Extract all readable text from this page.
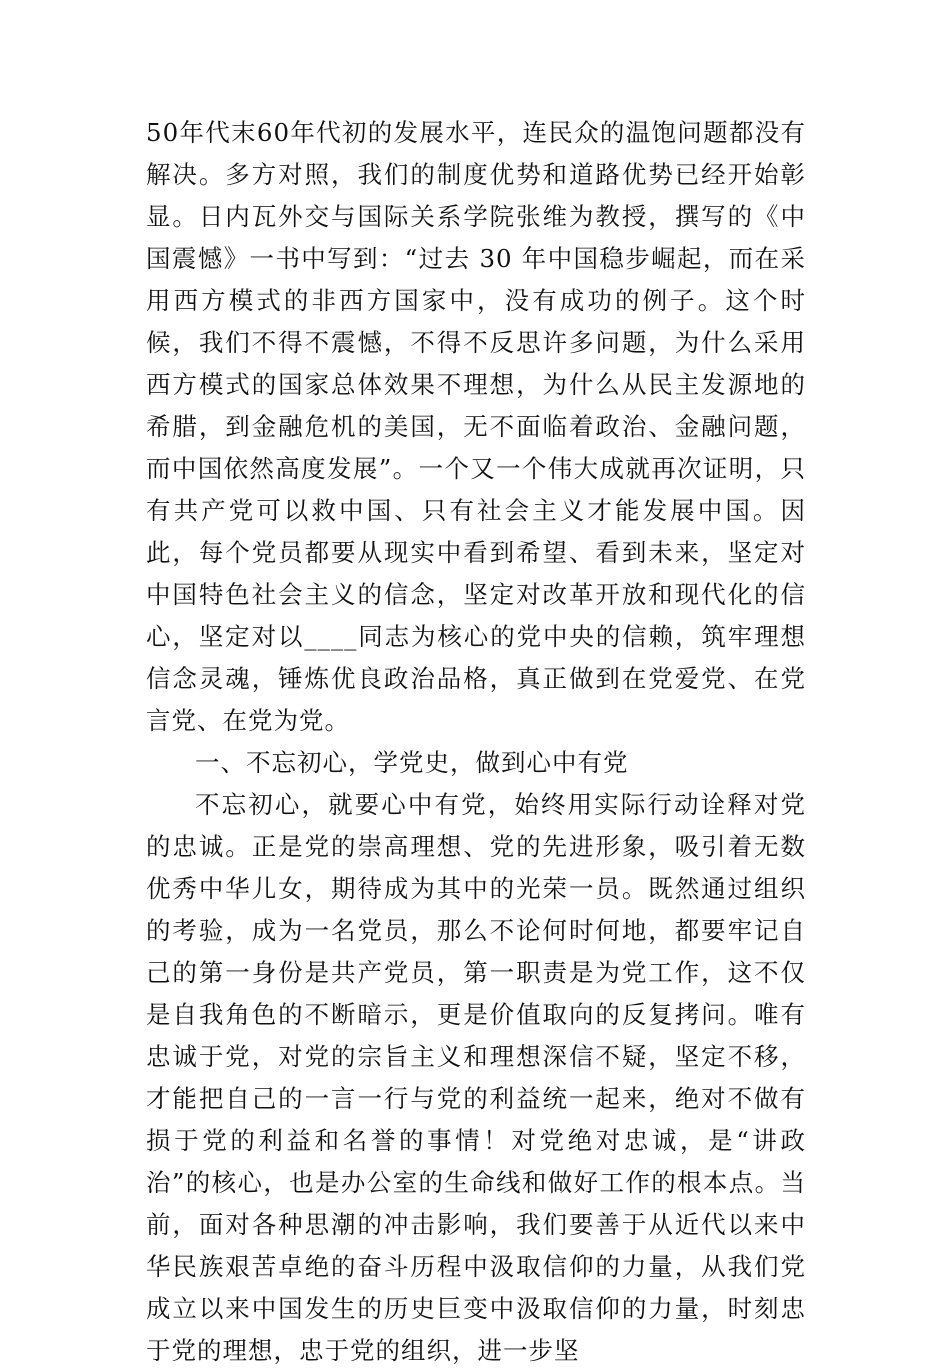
50年代末60年代初的发展水平，连民众的温饱问题都没有解决。多方对照，我们的制度优势和道路优势已经开始彰显。日内瓦外交与国际关系学院张维为教授，撰写的《中国震憾》一书中写到：“过去 30 年中国稳步崛起，而在采用西方模式的非西方国家中，没有成功的例子。这个时候，我们不得不震憾，不得不反思许多问题，为什么采用西方模式的国家总体效果不理想，为什么从民主发源地的希腊，到金融危机的美国，无不面临着政治、金融问题，而中国依然高度发展”。一个又一个伟大成就再次证明，只有共产党可以救中国、只有社会主义才能发展中国。因此，每个党员都要从现实中看到希望、看到未来，坚定对中国特色社会主义的信念，坚定对改革开放和现代化的信心，坚定对以____同志为核心的党中央的信赖，筑牢理想信念灵魂，锤炼优良政治品格，真正做到在党爱党、在党言党、在党为党。

一、不忘初心，学党史，做到心中有党

不忘初心，就要心中有党，始终用实际行动诠释对党的忠诚。正是党的崇高理想、党的先进形象，吸引着无数优秀中华儿女，期待成为其中的光荣一员。既然通过组织的考验，成为一名党员，那么不论何时何地，都要牢记自己的第一身份是共产党员，第一职责是为党工作，这不仅是自我角色的不断暗示，更是价值取向的反复拷问。唯有忠诚于党，对党的宗旨主义和理想深信不疑，坚定不移，才能把自己的一言一行与党的利益统一起来，绝对不做有损于党的利益和名誉的事情！对党绝对忠诚，是“讲政治”的核心，也是办公室的生命线和做好工作的根本点。当前，面对各种思潮的冲击影响，我们要善于从近代以来中华民族艰苦卓绝的奋斗历程中汲取信仰的力量，从我们党成立以来中国发生的历史巨变中汲取信仰的力量，时刻忠于党的理想，忠于党的组织，进一步坚
